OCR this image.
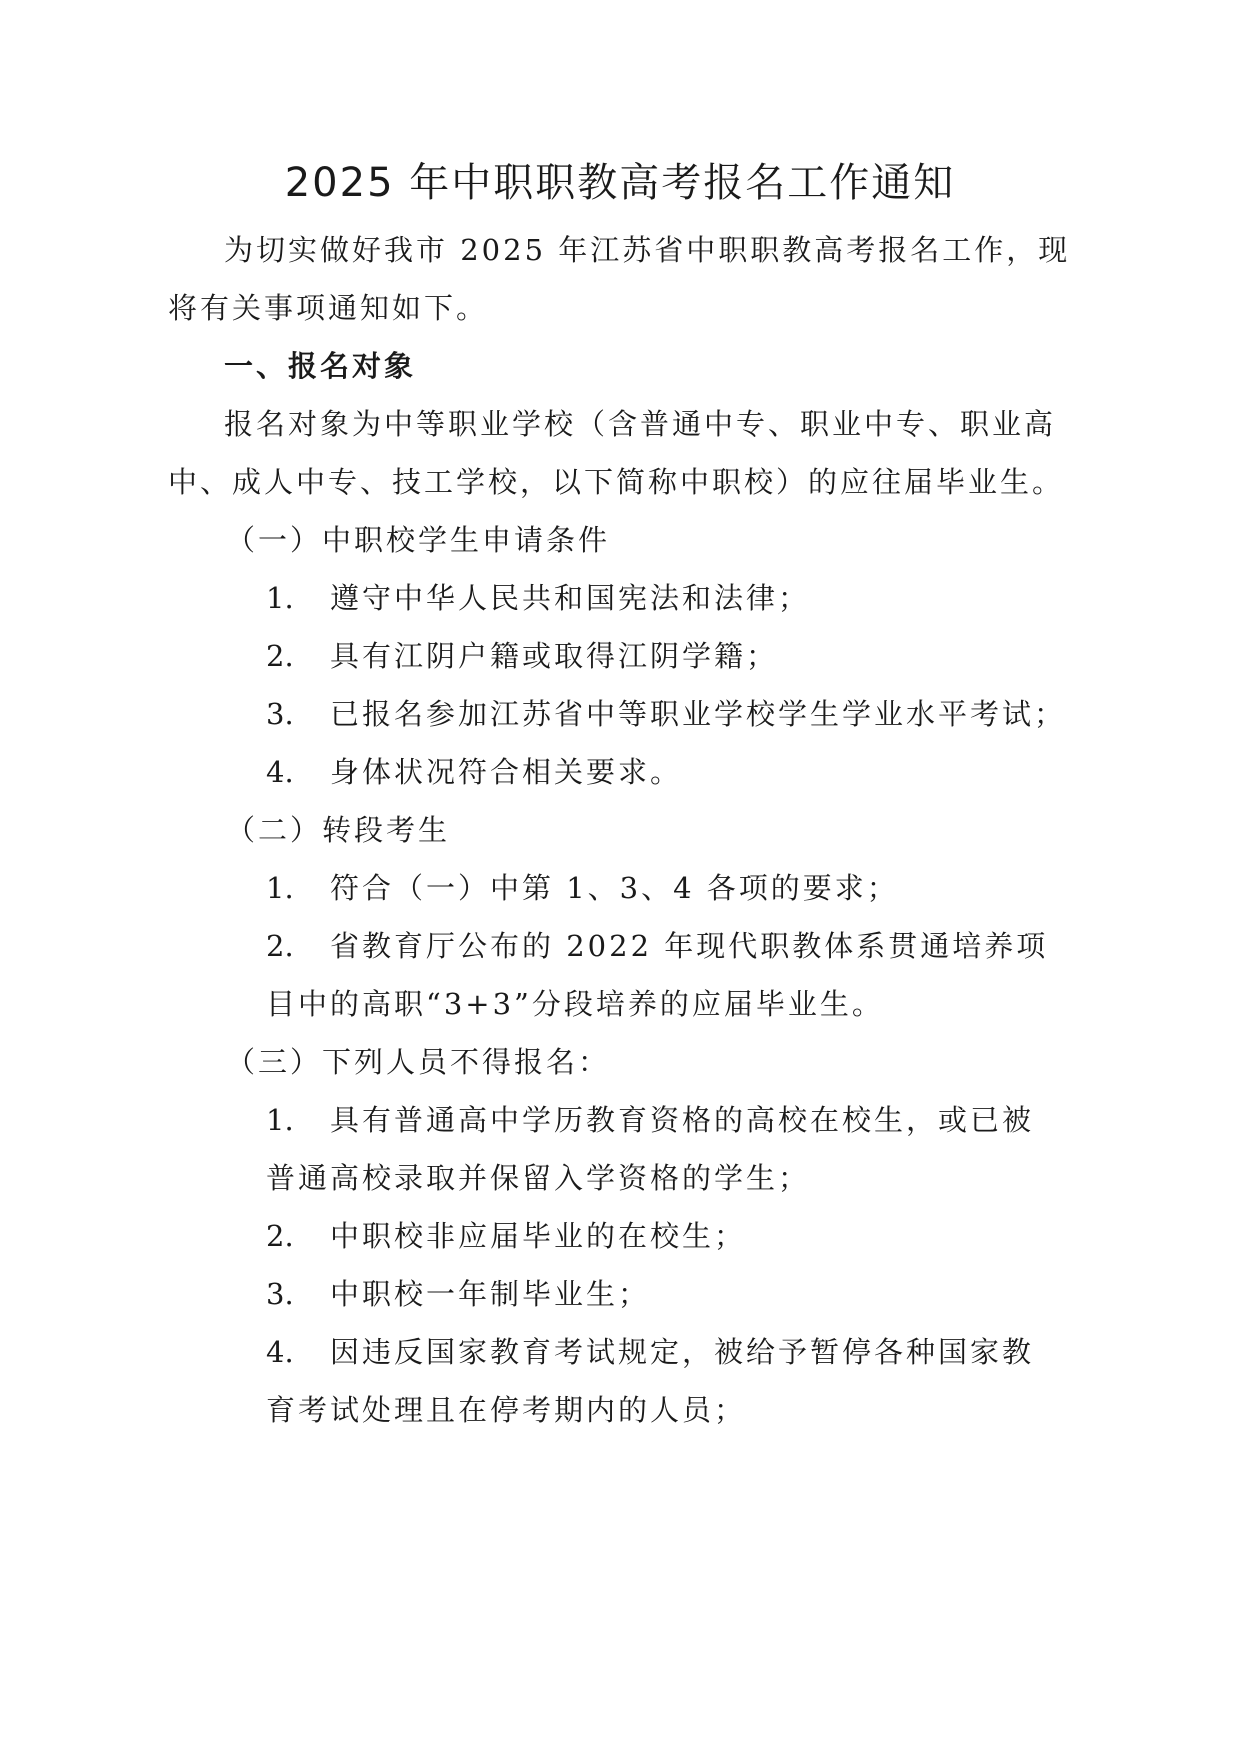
2025 年中职职教高考报名工作通知

为切实做好我市 2025 年江苏省中职职教高考报名工作，现

将有关事项通知如下。

一、报名对象

报名对象为中等职业学校（含普通中专、职业中专、职业高

中、成人中专、技工学校，以下简称中职校）的应往届毕业生。

（一）中职校学生申请条件

1. 遵守中华人民共和国宪法和法律；

2. 具有江阴户籍或取得江阴学籍；

3. 已报名参加江苏省中等职业学校学生学业水平考试；

4. 身体状况符合相关要求。

（二）转段考生

1. 符合（一）中第 1、3、4 各项的要求；

2. 省教育厅公布的 2022 年现代职教体系贯通培养项

目中的高职“3+3”分段培养的应届毕业生。

（三）下列人员不得报名：

1. 具有普通高中学历教育资格的高校在校生，或已被

普通高校录取并保留入学资格的学生；

2. 中职校非应届毕业的在校生；

3. 中职校一年制毕业生；

4. 因违反国家教育考试规定，被给予暂停各种国家教

育考试处理且在停考期内的人员；
